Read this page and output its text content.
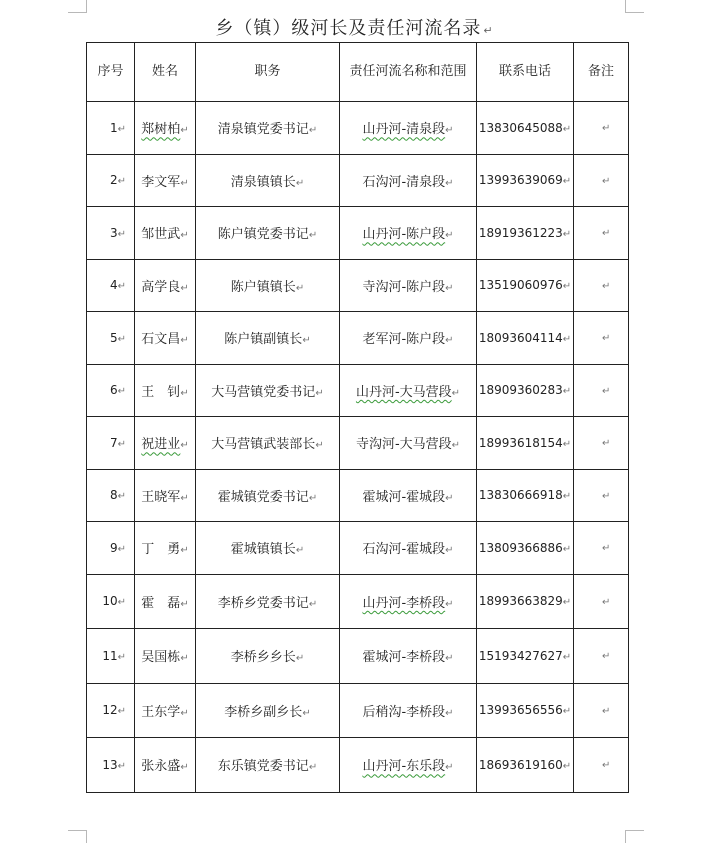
乡（镇）级河长及责任河流名录 ↵
序号	姓名	职务	责任河流名称和范围	联系电话	备注
1↵	郑树柏↵	清泉镇党委书记↵	山丹河-清泉段↵	13830645088↵	↵
2↵	李文军↵	清泉镇镇长↵	石沟河-清泉段↵	13993639069↵	↵
3↵	邹世武↵	陈户镇党委书记↵	山丹河-陈户段↵	18919361223↵	↵
4↵	高学良↵	陈户镇镇长↵	寺沟河-陈户段↵	13519060976↵	↵
5↵	石文昌↵	陈户镇副镇长↵	老军河-陈户段↵	18093604114↵	↵
6↵	王　钊↵	大马营镇党委书记↵	山丹河-大马营段↵	18909360283↵	↵
7↵	祝进业↵	大马营镇武装部长↵	寺沟河-大马营段↵	18993618154↵	↵
8↵	王晓军↵	霍城镇党委书记↵	霍城河-霍城段↵	13830666918↵	↵
9↵	丁　勇↵	霍城镇镇长↵	石沟河-霍城段↵	13809366886↵	↵
10↵	霍　磊↵	李桥乡党委书记↵	山丹河-李桥段↵	18993663829↵	↵
11↵	吴国栋↵	李桥乡乡长↵	霍城河-李桥段↵	15193427627↵	↵
12↵	王东学↵	李桥乡副乡长↵	后稍沟-李桥段↵	13993656556↵	↵
13↵	张永盛↵	东乐镇党委书记↵	山丹河-东乐段↵	18693619160↵	↵
